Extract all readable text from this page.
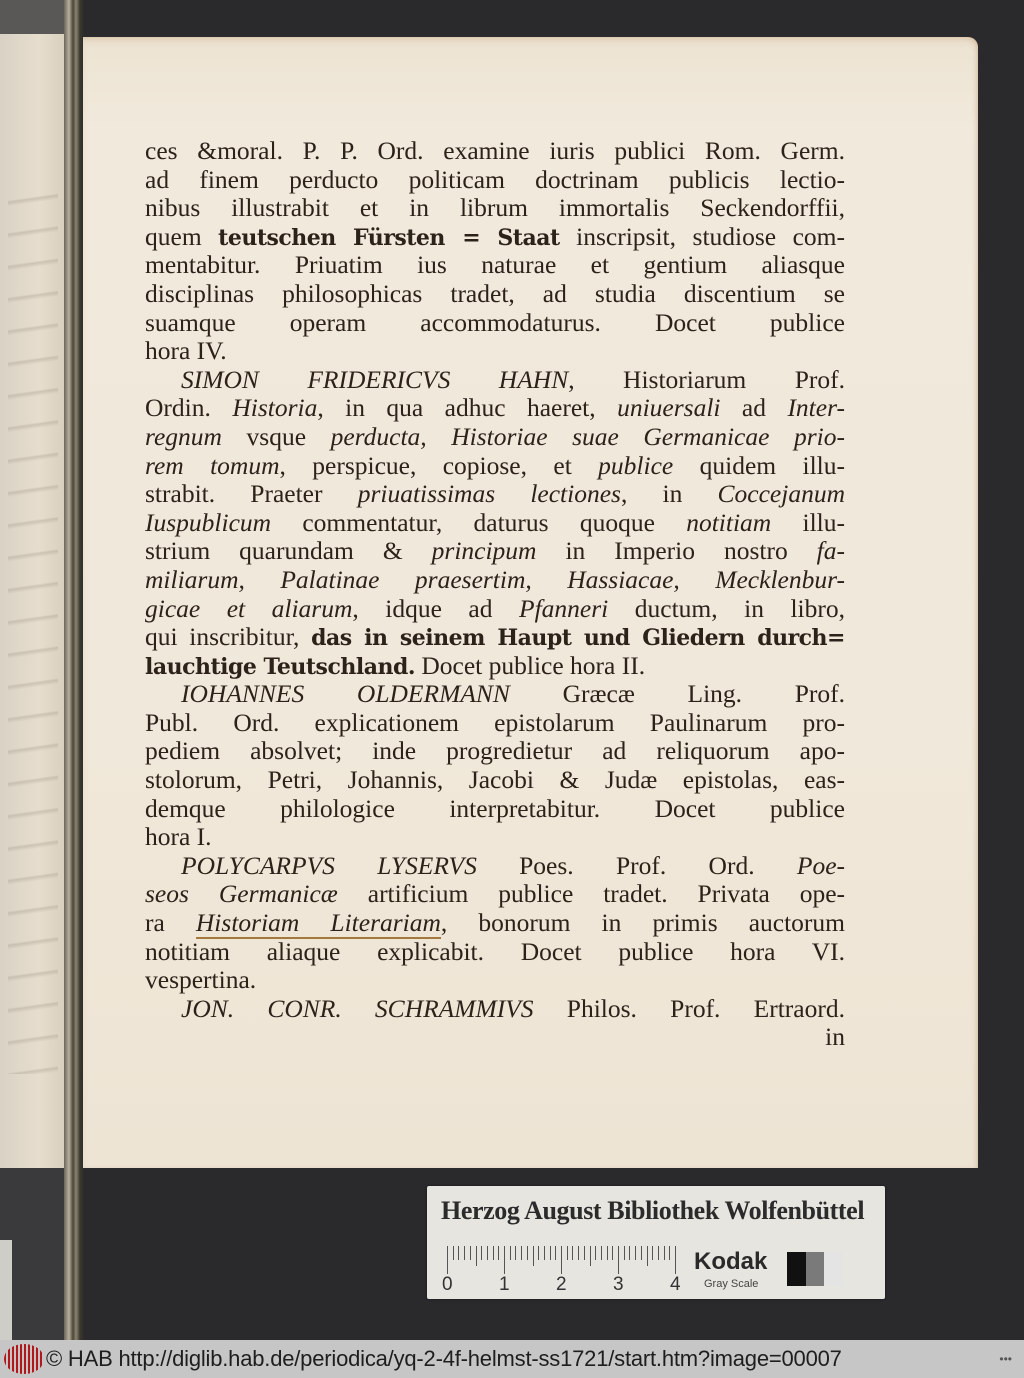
ces &moral. P. P. Ord. examine iuris publici Rom. Germ.
ad finem perducto politicam doctrinam publicis lectio-
nibus illustrabit et in librum immortalis Seckendorffii,
quem teutschen Fürsten = Staat inscripsit, studiose com-
mentabitur. Priuatim ius naturae et gentium aliasque
disciplinas philosophicas tradet, ad studia discentium se
suamque operam accommodaturus. Docet publice
hora IV.
SIMON FRIDERICVS HAHN, Historiarum Prof.
Ordin. Historia, in qua adhuc haeret, uniuersali ad Inter-
regnum vsque perducta, Historiae suae Germanicae prio-
rem tomum, perspicue, copiose, et publice quidem illu-
strabit. Praeter priuatissimas lectiones, in Coccejanum
Iuspublicum commentatur, daturus quoque notitiam illu-
strium quarundam & principum in Imperio nostro fa-
miliarum, Palatinae praesertim, Hassiacae, Mecklenbur-
gicae et aliarum, idque ad Pfanneri ductum, in libro,
qui inscribitur, das in seinem Haupt und Gliedern durch=
lauchtige Teutschland. Docet publice hora II.
IOHANNES OLDERMANN Græcæ Ling. Prof.
Publ. Ord. explicationem epistolarum Paulinarum pro-
pediem absolvet; inde progredietur ad reliquorum apo-
stolorum, Petri, Johannis, Jacobi & Judæ epistolas, eas-
demque philologice interpretabitur. Docet publice
hora I.
POLYCARPVS LYSERVS Poes. Prof. Ord. Poe-
seos Germanicæ artificium publice tradet. Privata ope-
ra Historiam Literariam, bonorum in primis auctorum
notitiam aliaque explicabit. Docet publice hora VI.
vespertina.
JON. CONR. SCHRAMMIVS Philos. Prof. Ertraord.
in
Herzog August Bibliothek Wolfenbüttel
0 1 2 3 4
Kodak
Gray Scale
© HAB http://diglib.hab.de/periodica/yq-2-4f-helmst-ss1721/start.htm?image=00007	•••
